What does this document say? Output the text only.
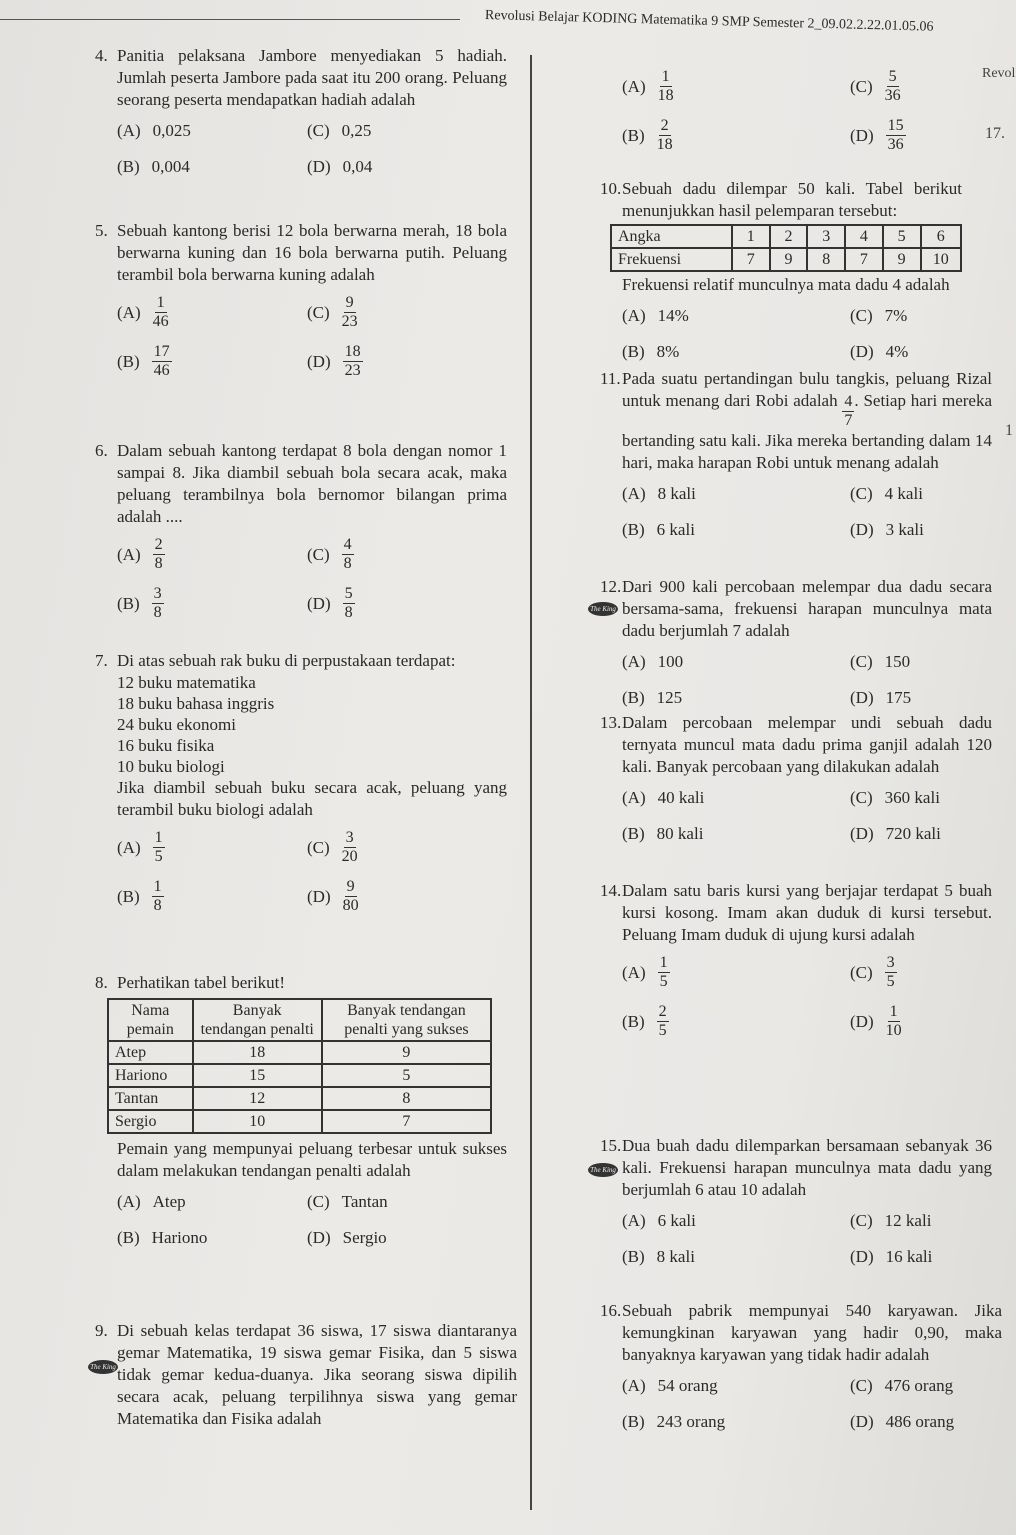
Revolusi Belajar KODING Matematika 9 SMP Semester 2_09.02.2.22.01.05.06
Revol
17.
1
The King
The King
The King
4. Panitia pelaksana Jambore menyediakan 5 hadiah. Jumlah peserta Jambore pada saat itu 200 orang. Peluang seorang peserta mendapatkan hadiah adalah
(A) 0,025	(C) 0,25
(B) 0,004	(D) 0,04
5. Sebuah kantong berisi 12 bola berwarna merah, 18 bola berwarna kuning dan 16 bola berwarna putih. Peluang terambil bola berwarna kuning adalah
$(A) \frac{1}{46}$	$(C) \frac{9}{23}$
$(B) \frac{17}{46}$	$(D) \frac{18}{23}$
6. Dalam sebuah kantong terdapat 8 bola dengan nomor 1 sampai 8. Jika diambil sebuah bola secara acak, maka peluang terambilnya bola bernomor bilangan prima adalah ....
$(A) \frac{2}{8}$	$(C) \frac{4}{8}$
$(B) \frac{3}{8}$	$(D) \frac{5}{8}$
7. Di atas sebuah rak buku di perpustakaan terdapat:
12 buku matematika
18 buku bahasa inggris
24 buku ekonomi
16 buku fisika
10 buku biologi
Jika diambil sebuah buku secara acak, peluang yang terambil buku biologi adalah
$(A) \frac{1}{5}$	$(C) \frac{3}{20}$
$(B) \frac{1}{8}$	$(D) \frac{9}{80}$
8. Perhatikan tabel berikut!
Nama pemain	Banyak tendangan penalti	Banyak tendangan penalti yang sukses
Atep	18	9
Hariono	15	5
Tantan	12	8
Sergio	10	7
Pemain yang mempunyai peluang terbesar untuk sukses dalam melakukan tendangan penalti adalah
(A) Atep	(C) Tantan
(B) Hariono	(D) Sergio
9. Di sebuah kelas terdapat 36 siswa, 17 siswa diantaranya gemar Matematika, 19 siswa gemar Fisika, dan 5 siswa tidak gemar kedua-duanya. Jika seorang siswa dipilih secara acak, peluang terpilihnya siswa yang gemar Matematika dan Fisika adalah
$(A) \frac{1}{18}$	$(C) \frac{5}{36}$
$(B) \frac{2}{18}$	$(D) \frac{15}{36}$
10. Sebuah dadu dilempar 50 kali. Tabel berikut menunjukkan hasil pelemparan tersebut:
Angka	1	2	3	4	5	6
Frekuensi	7	9	8	7	9	10
Frekuensi relatif munculnya mata dadu 4 adalah
(A) 14%	(C) 7%
(B) 8%	(D) 4%
11. Pada suatu pertandingan bulu tangkis, peluang Rizal untuk menang dari Robi adalah $\frac{4}{7}$ . Setiap hari mereka bertanding satu kali. Jika mereka bertanding dalam 14 hari, maka harapan Robi untuk menang adalah
(A) 8 kali	(C) 4 kali
(B) 6 kali	(D) 3 kali
12. Dari 900 kali percobaan melempar dua dadu secara bersama-sama, frekuensi harapan munculnya mata dadu berjumlah 7 adalah
(A) 100	(C) 150
(B) 125	(D) 175
13. Dalam percobaan melempar undi sebuah dadu ternyata muncul mata dadu prima ganjil adalah 120 kali. Banyak percobaan yang dilakukan adalah
(A) 40 kali	(C) 360 kali
(B) 80 kali	(D) 720 kali
14. Dalam satu baris kursi yang berjajar terdapat 5 buah kursi kosong. Imam akan duduk di kursi tersebut. Peluang Imam duduk di ujung kursi adalah
$(A) \frac{1}{5}$	$(C) \frac{3}{5}$
$(B) \frac{2}{5}$	$(D) \frac{1}{10}$
15. Dua buah dadu dilemparkan bersamaan sebanyak 36 kali. Frekuensi harapan munculnya mata dadu yang berjumlah 6 atau 10 adalah
(A) 6 kali	(C) 12 kali
(B) 8 kali	(D) 16 kali
16. Sebuah pabrik mempunyai 540 karyawan. Jika kemungkinan karyawan yang hadir 0,90, maka banyaknya karyawan yang tidak hadir adalah
(A) 54 orang	(C) 476 orang
(B) 243 orang	(D) 486 orang
